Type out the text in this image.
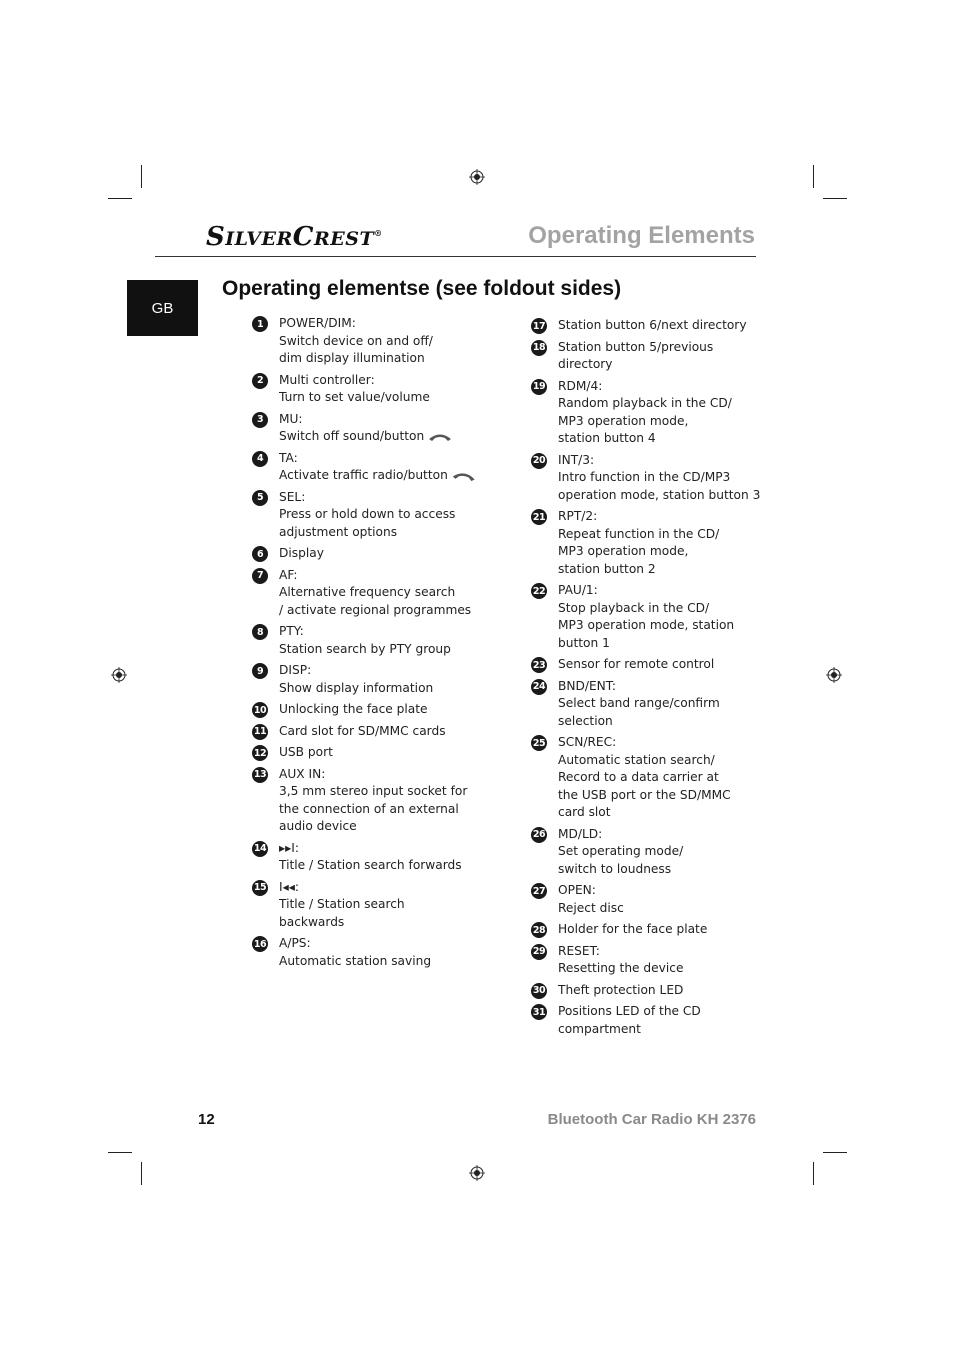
SILVERCREST®	Operating Elements
GB
Operating elementse (see foldout sides)
1	POWER/DIM:
Switch device on and off/
dim display illumination
2	Multi controller:
Turn to set value/volume
3	MU:
Switch off sound/button
4	TA:
Activate traffic radio/button
5	SEL:
Press or hold down to access
adjustment options
6	Display
7	AF:
Alternative frequency search
/ activate regional programmes
8	PTY:
Station search by PTY group
9	DISP:
Show display information
10 Unlocking the face plate
11 Card slot for SD/MMC cards
12 USB port
13 AUX IN:
3,5 mm stereo input socket for
the connection of an external
audio device
14 ▸▸I:
Title / Station search forwards
15 I◂◂:
Title / Station search
backwards
16 A/PS:
Automatic station saving
17 Station button 6/next directory
18 Station button 5/previous
directory
19 RDM/4:
Random playback in the CD/
MP3 operation mode,
station button 4
20 INT/3:
Intro function in the CD/MP3
operation mode, station button 3
21 RPT/2:
Repeat function in the CD/
MP3 operation mode,
station button 2
22 PAU/1:
Stop playback in the CD/
MP3 operation mode, station
button 1
23 Sensor for remote control
24 BND/ENT:
Select band range/confirm
selection
25 SCN/REC:
Automatic station search/
Record to a data carrier at
the USB port or the SD/MMC
card slot
26 MD/LD:
Set operating mode/
switch to loudness
27 OPEN:
Reject disc
28 Holder for the face plate
29 RESET:
Resetting the device
30 Theft protection LED
31 Positions LED of the CD
compartment
12	Bluetooth Car Radio KH 2376
